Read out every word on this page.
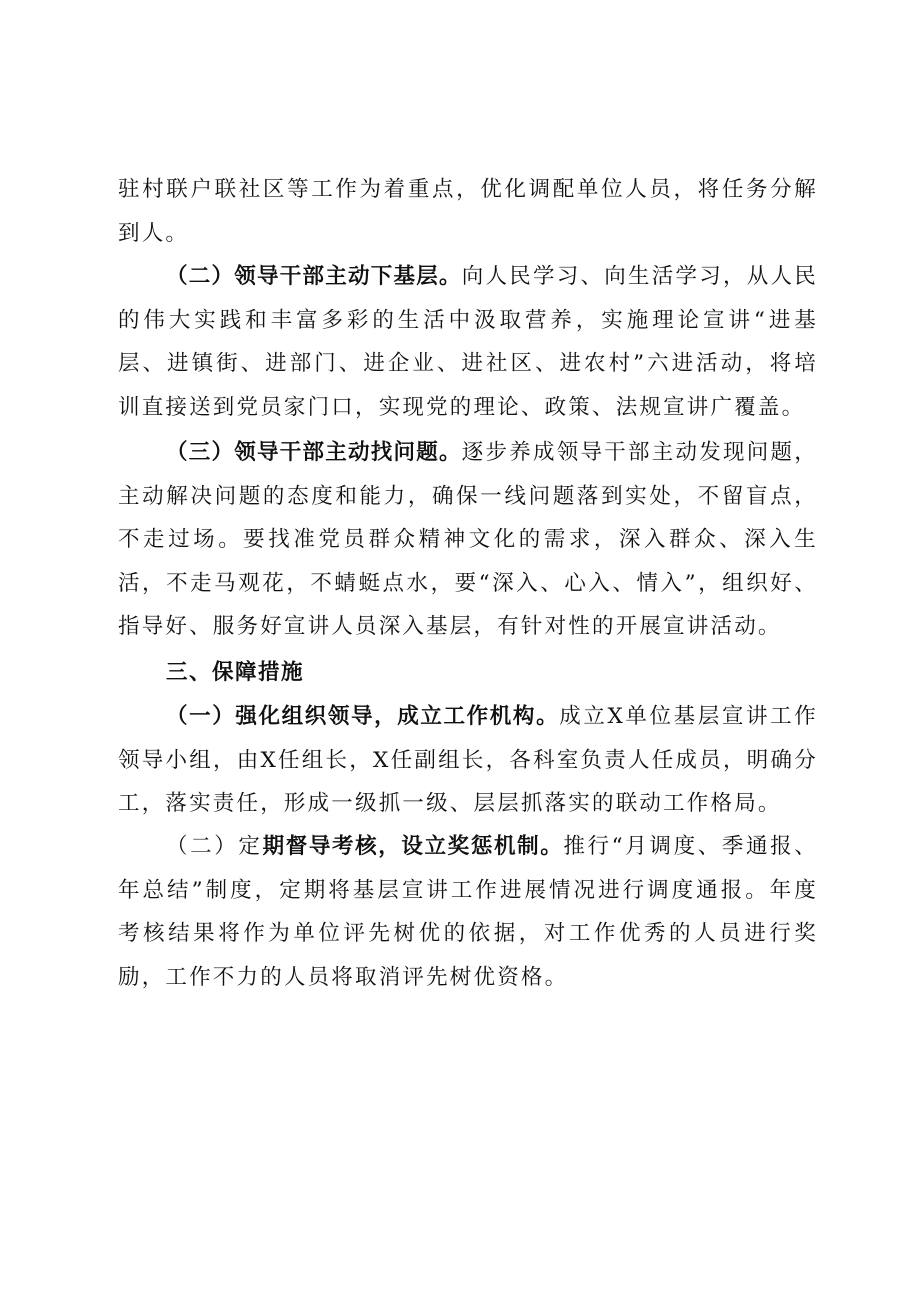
驻村联户联社区等工作为着重点，优化调配单位人员，将任务分解到人。

（二）领导干部主动下基层。向人民学习、向生活学习，从人民的伟大实践和丰富多彩的生活中汲取营养，实施理论宣讲“进基层、进镇街、进部门、进企业、进社区、进农村”六进活动，将培训直接送到党员家门口，实现党的理论、政策、法规宣讲广覆盖。

（三）领导干部主动找问题。逐步养成领导干部主动发现问题，主动解决问题的态度和能力，确保一线问题落到实处，不留盲点，不走过场。要找准党员群众精神文化的需求，深入群众、深入生活，不走马观花，不蜻蜓点水，要“深入、心入、情入”，组织好、指导好、服务好宣讲人员深入基层，有针对性的开展宣讲活动。

三、保障措施

（一）强化组织领导，成立工作机构。成立X单位基层宣讲工作领导小组，由X任组长，X任副组长，各科室负责人任成员，明确分工，落实责任，形成一级抓一级、层层抓落实的联动工作格局。

（二）定期督导考核，设立奖惩机制。推行“月调度、季通报、年总结”制度，定期将基层宣讲工作进展情况进行调度通报。年度考核结果将作为单位评先树优的依据，对工作优秀的人员进行奖励，工作不力的人员将取消评先树优资格。
